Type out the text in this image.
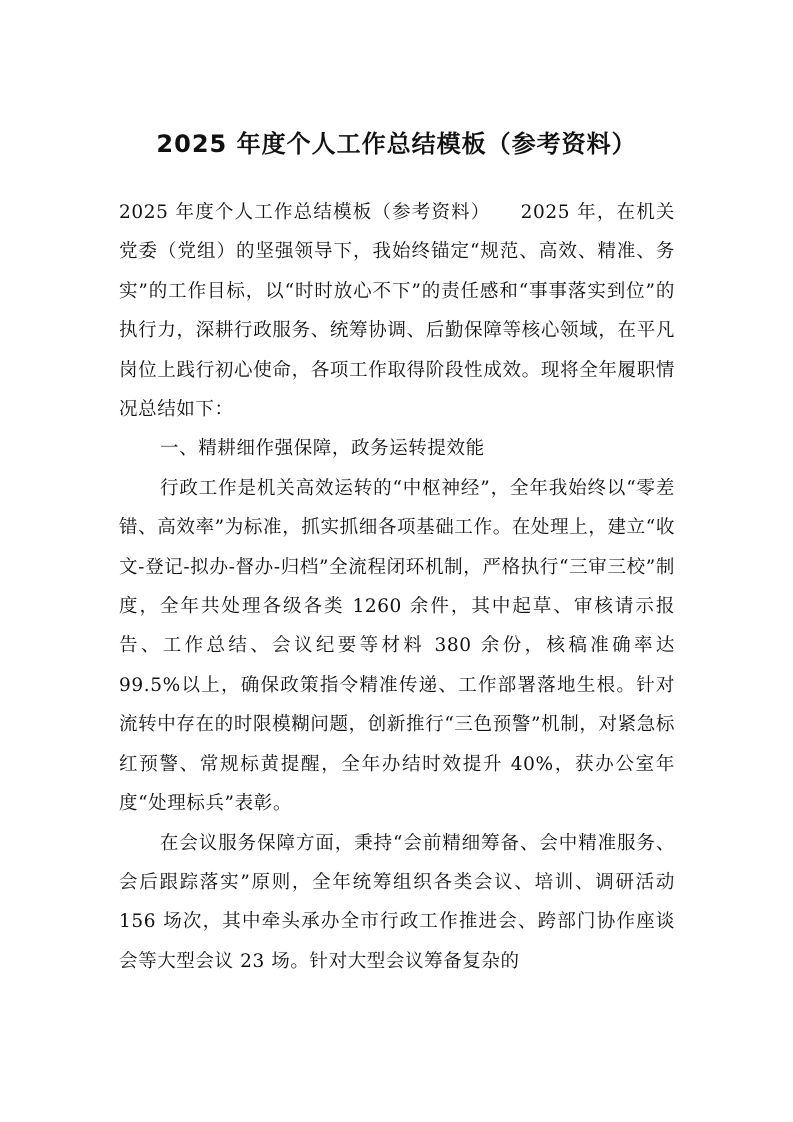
2025 年度个人工作总结模板（参考资料）

2025 年度个人工作总结模板（参考资料）　　2025 年，在机关党委（党组）的坚强领导下，我始终锚定“规范、高效、精准、务实”的工作目标，以“时时放心不下”的责任感和“事事落实到位”的执行力，深耕行政服务、统筹协调、后勤保障等核心领域，在平凡岗位上践行初心使命，各项工作取得阶段性成效。现将全年履职情况总结如下：

一、精耕细作强保障，政务运转提效能

行政工作是机关高效运转的“中枢神经”，全年我始终以“零差错、高效率”为标准，抓实抓细各项基础工作。在处理上，建立“收文-登记-拟办-督办-归档”全流程闭环机制，严格执行“三审三校”制度，全年共处理各级各类 1260 余件，其中起草、审核请示报告、工作总结、会议纪要等材料 380 余份，核稿准确率达 99.5%以上，确保政策指令精准传递、工作部署落地生根。针对流转中存在的时限模糊问题，创新推行“三色预警”机制，对紧急标红预警、常规标黄提醒，全年办结时效提升 40%，获办公室年度“处理标兵”表彰。

在会议服务保障方面，秉持“会前精细筹备、会中精准服务、会后跟踪落实”原则，全年统筹组织各类会议、培训、调研活动 156 场次，其中牵头承办全市行政工作推进会、跨部门协作座谈会等大型会议 23 场。针对大型会议筹备复杂的
